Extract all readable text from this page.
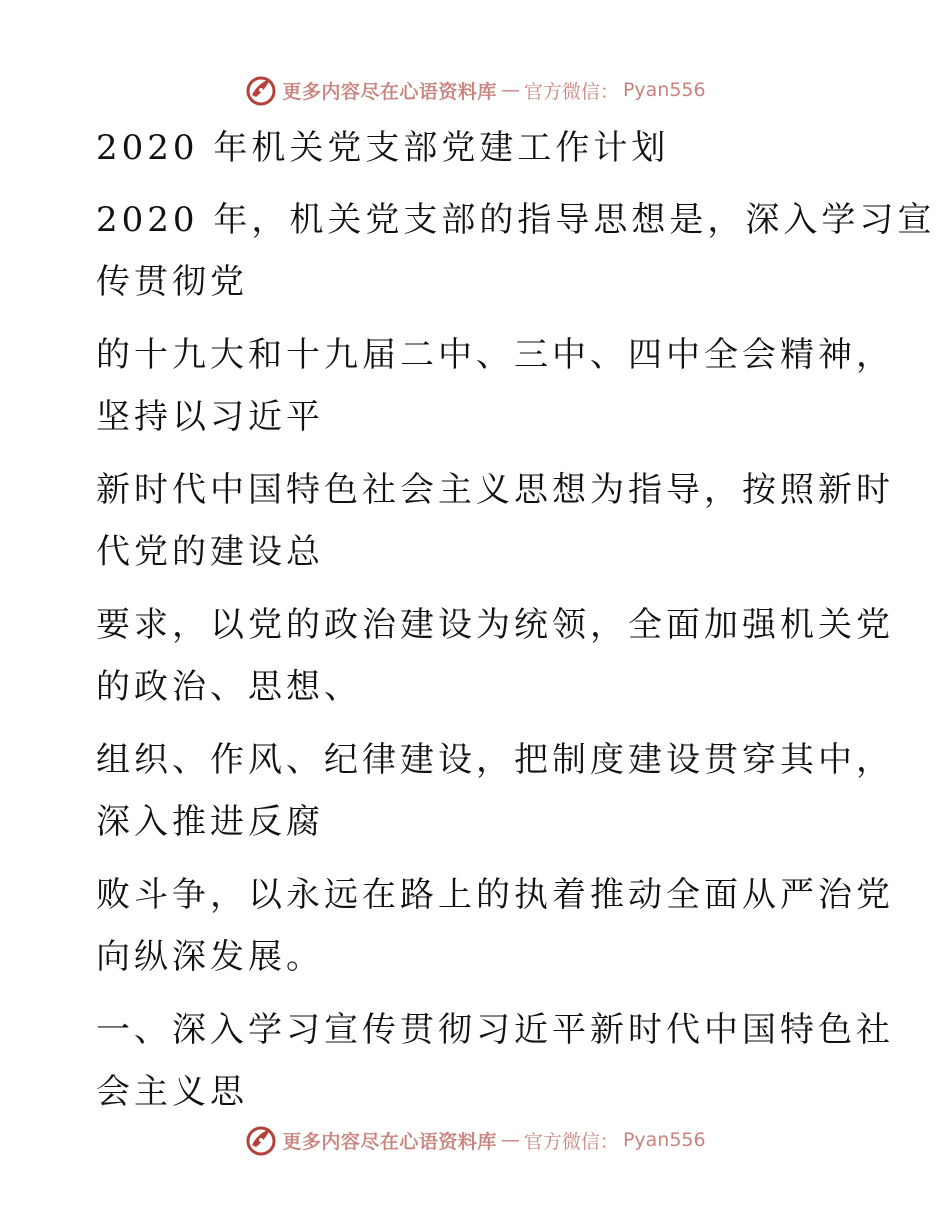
更多内容尽在心语资料库 — 官方微信： Pyan556
2020 年机关党支部党建工作计划
2020 年，机关党支部的指导思想是，深入学习宣
传贯彻党
的十九大和十九届二中、三中、四中全会精神，
坚持以习近平
新时代中国特色社会主义思想为指导，按照新时
代党的建设总
要求，以党的政治建设为统领，全面加强机关党
的政治、思想、
组织、作风、纪律建设，把制度建设贯穿其中，
深入推进反腐
败斗争，以永远在路上的执着推动全面从严治党
向纵深发展。
一、深入学习宣传贯彻习近平新时代中国特色社
会主义思
更多内容尽在心语资料库 — 官方微信： Pyan556
